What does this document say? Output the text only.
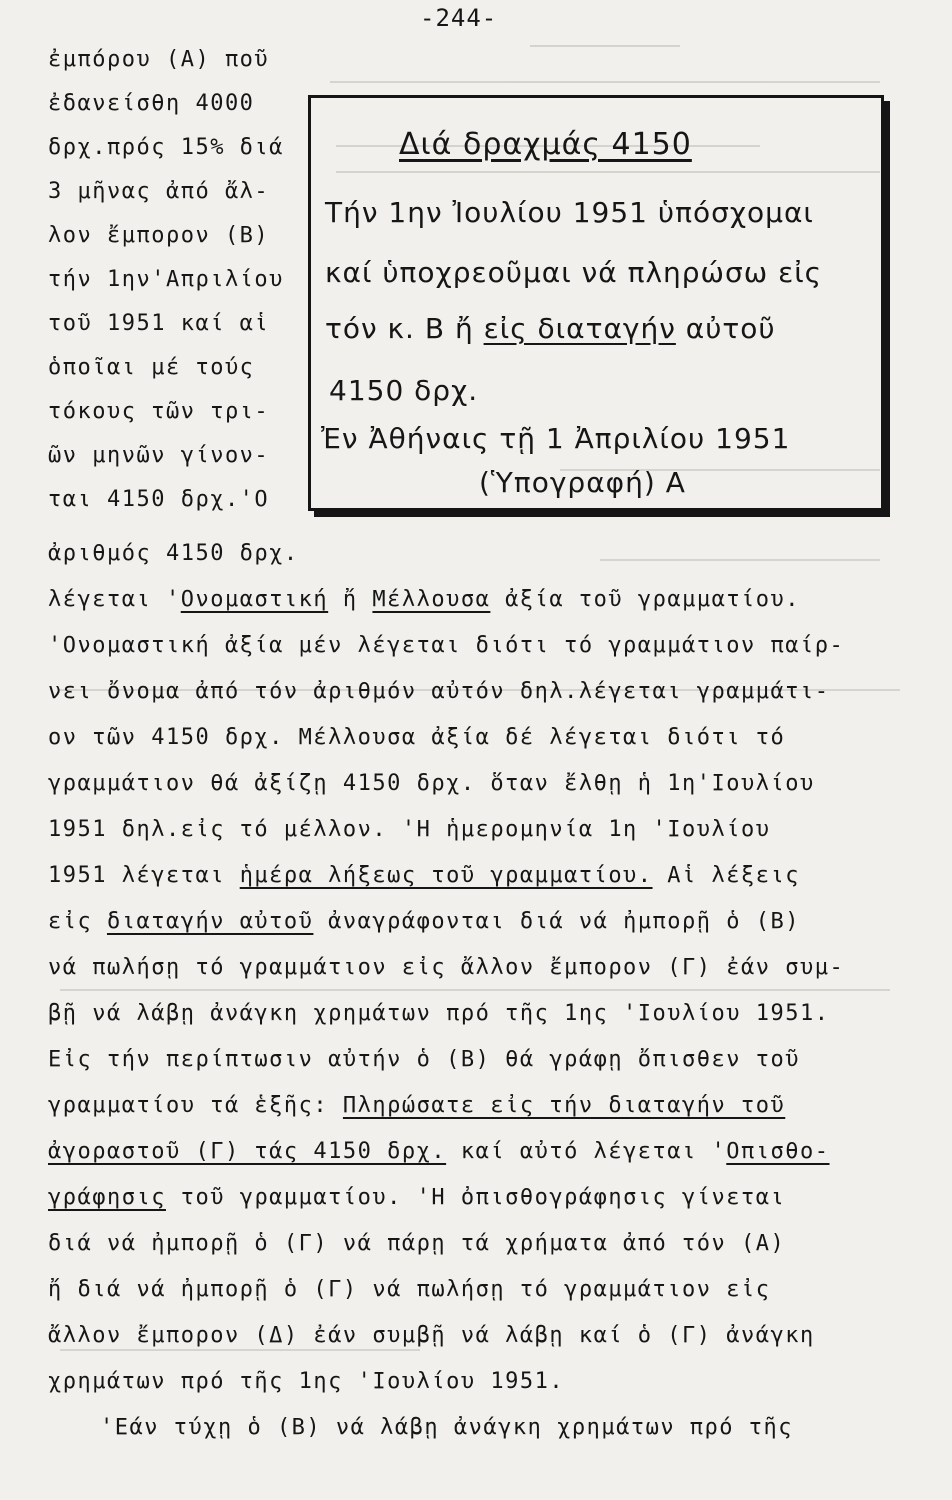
-244-
ἐμπόρου (Α) ποῦ
ἐδανείσθη 4000
δρχ.πρός 15% διά
3 μῆνας ἀπό ἄλ-
λον ἔμπορον (Β)
τήν 1ην'Απριλίου
τοῦ 1951 καί αἱ
ὁποῖαι μέ τούς
τόκους τῶν τρι-
ῶν μηνῶν γίνον-
ται 4150 δρχ.'Ο
Διά δραχμάς 4150
Τήν 1ην Ἰουλίου 1951 ὑπόσχομαι
καί ὑποχρεοῦμαι νά πληρώσω εἰς
τόν κ. Β ἤ εἰς διαταγήν αὐτοῦ
4150 δρχ.
Ἐν Ἀθήναις τῇ 1 Ἀπριλίου 1951
(Ὑπογραφή) Α
ἀριθμός 4150 δρχ.
λέγεται 'Ονομαστική ἤ Μέλλουσα ἀξία τοῦ γραμματίου.
'Ονομαστική ἀξία μέν λέγεται διότι τό γραμμάτιον παίρ-
νει ὄνομα ἀπό τόν ἀριθμόν αὐτόν δηλ.λέγεται γραμμάτι-
ον τῶν 4150 δρχ. Μέλλουσα ἀξία δέ λέγεται διότι τό
γραμμάτιον θά ἀξίζῃ 4150 δρχ. ὅταν ἔλθῃ ἡ 1η'Ιουλίου
1951 δηλ.εἰς τό μέλλον. 'Η ἡμερομηνία 1η 'Ιουλίου
1951 λέγεται ἡμέρα λήξεως τοῦ γραμματίου. Αἱ λέξεις
εἰς διαταγήν αὐτοῦ ἀναγράφονται διά νά ἠμπορῇ ὁ (Β)
νά πωλήσῃ τό γραμμάτιον εἰς ἄλλον ἔμπορον (Γ) ἐάν συμ-
βῇ νά λάβῃ ἀνάγκη χρημάτων πρό τῆς 1ης 'Ιουλίου 1951.
Εἰς τήν περίπτωσιν αὐτήν ὁ (Β) θά γράφῃ ὄπισθεν τοῦ
γραμματίου τά ἑξῆς: Πληρώσατε εἰς τήν διαταγήν τοῦ
ἀγοραστοῦ (Γ) τάς 4150 δρχ. καί αὐτό λέγεται 'Οπισθο-
γράφησις τοῦ γραμματίου. 'Η ὀπισθογράφησις γίνεται
διά νά ἠμπορῇ ὁ (Γ) νά πάρῃ τά χρήματα ἀπό τόν (Α)
ἤ διά νά ἠμπορῇ ὁ (Γ) νά πωλήσῃ τό γραμμάτιον εἰς
ἄλλον ἔμπορον (Δ) ἐάν συμβῇ νά λάβῃ καί ὁ (Γ) ἀνάγκη
χρημάτων πρό τῆς 1ης 'Ιουλίου 1951.
'Εάν τύχῃ ὁ (Β) νά λάβῃ ἀνάγκη χρημάτων πρό τῆς
